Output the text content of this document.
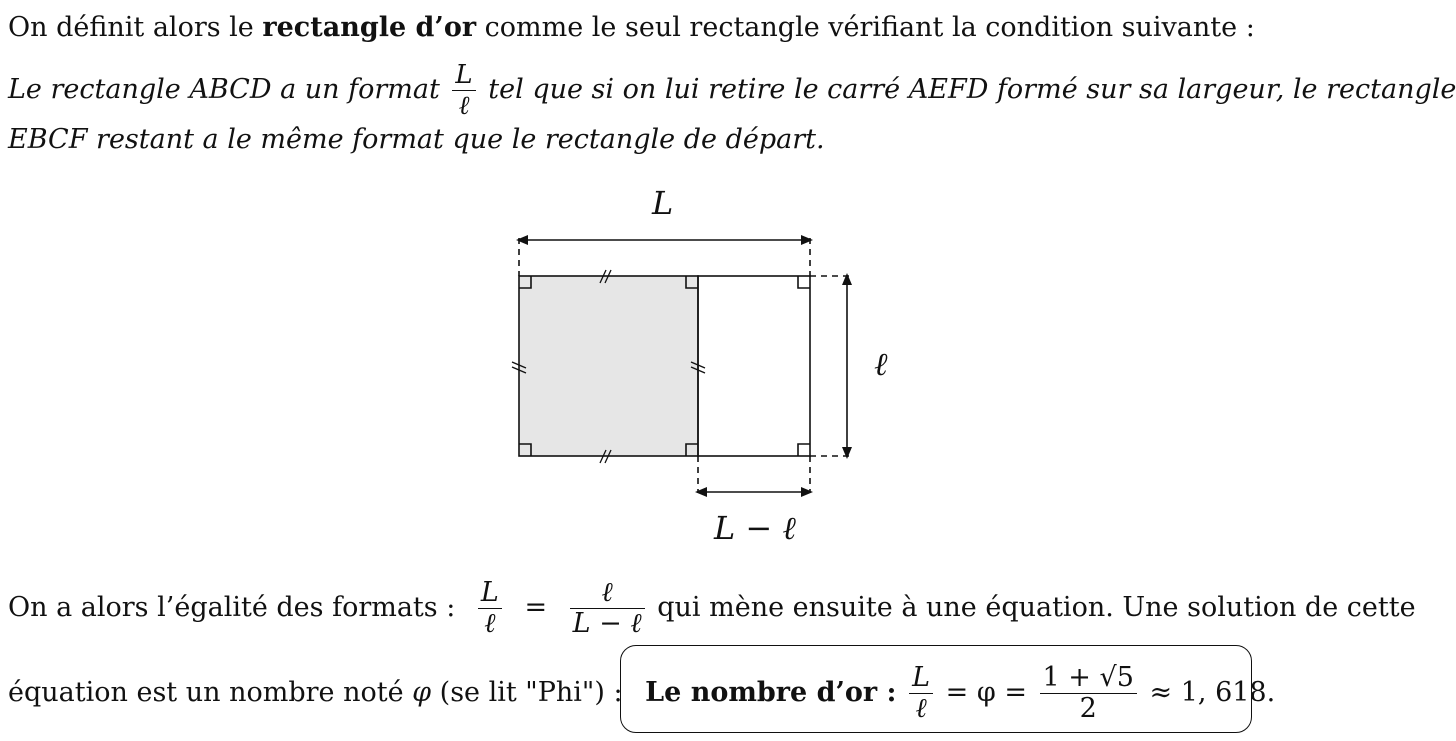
On définit alors le rectangle d’or comme le seul rectangle vérifiant la condition suivante :
Le rectangle ABCD a un format $\frac{L}{\text{ℓ}}$ tel que si on lui retire le carré AEFD formé sur sa largeur, le rectangle
EBCF restant a le même format que le rectangle de départ.
L
ℓ
L − ℓ
On a alors l’égalité des formats : $\frac{L}{\text{ℓ}} = \frac{\text{ℓ}}{\text{L − ℓ}}$ qui mène ensuite à une équation. Une solution de cette
équation est un nombre noté φ (se lit "Phi") : Le nombre d’or : $\frac{L}{\text{ℓ}} = \varphi = \frac{1 + √5}{2} \approx 1$, 618.
